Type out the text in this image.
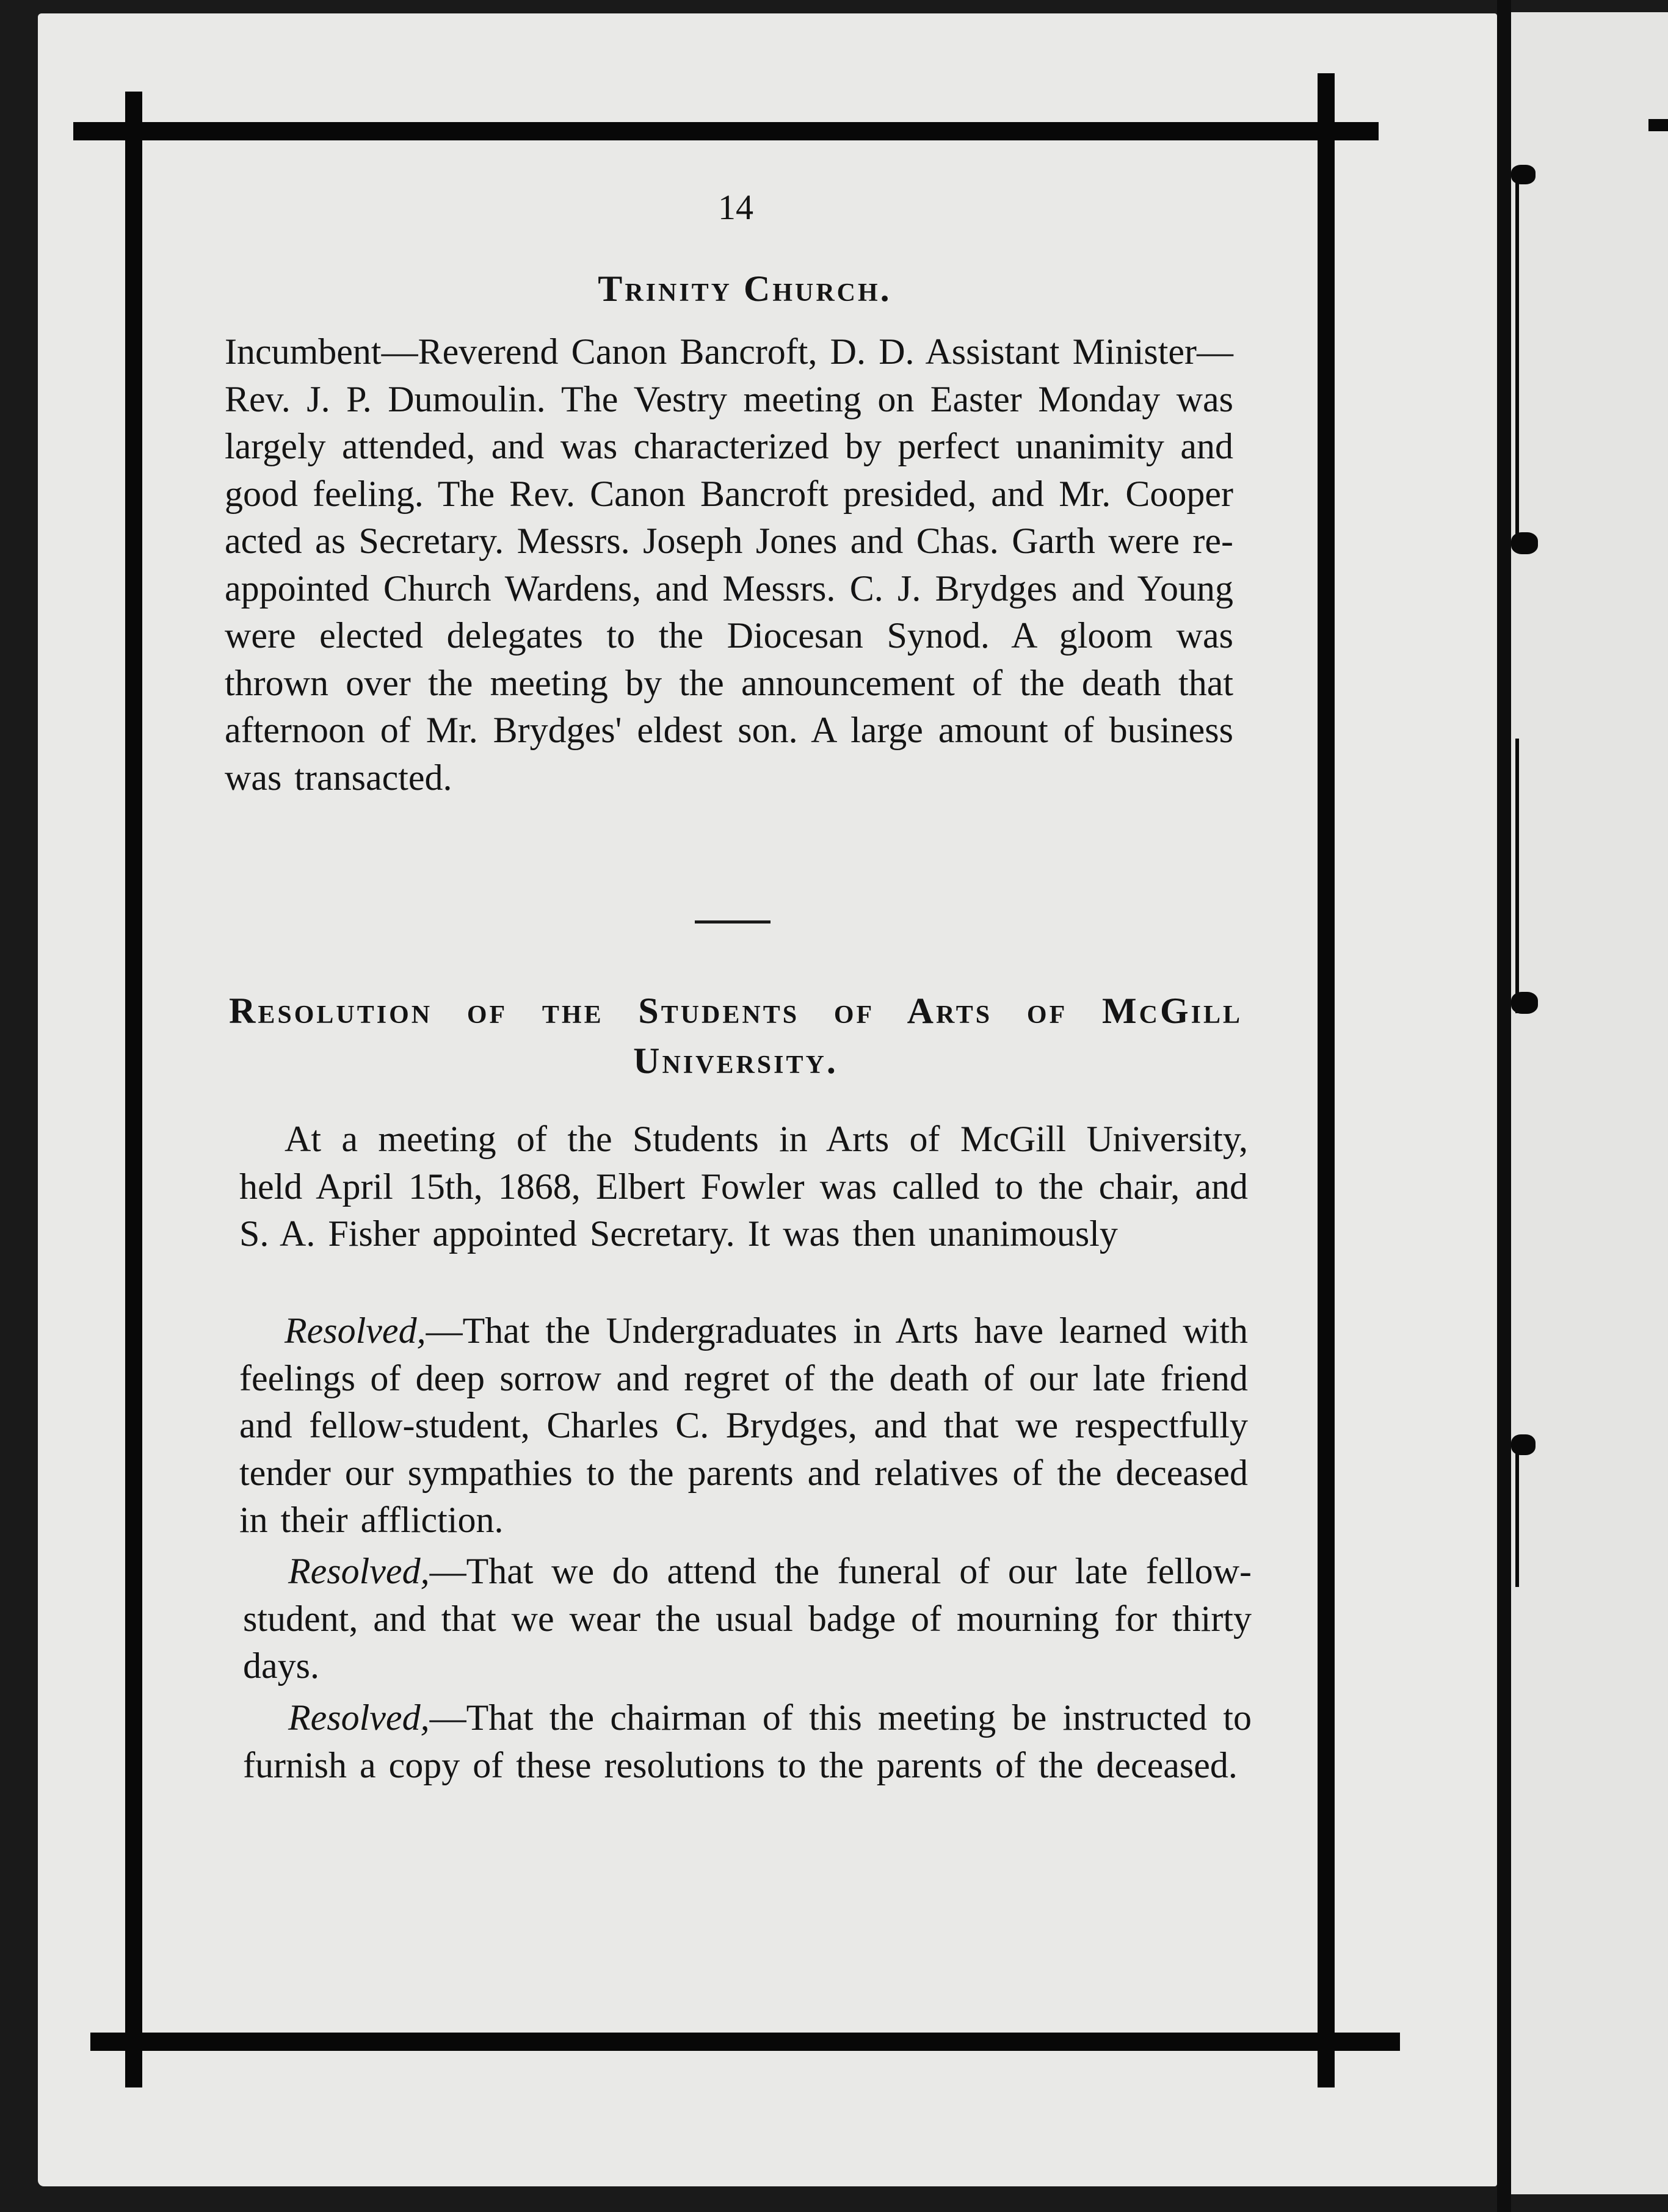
14
Trinity Church.

Incumbent—Reverend Canon Bancroft, D. D. Assistant Minister—Rev. J. P. Dumoulin. The Vestry meeting on Easter Monday was largely attended, and was characterized by perfect unanimity and good feeling. The Rev. Canon Bancroft presided, and Mr. Cooper acted as Secretary. Messrs. Joseph Jones and Chas. Garth were re-appointed Church Wardens, and Messrs. C. J. Brydges and Young were elected delegates to the Diocesan Synod. A gloom was thrown over the meeting by the announcement of the death that afternoon of Mr. Brydges' eldest son. A large amount of business was transacted.

Resolution of the Students of Arts of McGill University.

At a meeting of the Students in Arts of McGill University, held April 15th, 1868, Elbert Fowler was called to the chair, and S. A. Fisher appointed Secretary. It was then unanimously

Resolved,—That the Undergraduates in Arts have learned with feelings of deep sorrow and regret of the death of our late friend and fellow-student, Charles C. Brydges, and that we respectfully tender our sympathies to the parents and relatives of the deceased in their affliction.

Resolved,—That we do attend the funeral of our late fellow-student, and that we wear the usual badge of mourning for thirty days.

Resolved,—That the chairman of this meeting be instructed to furnish a copy of these resolutions to the parents of the deceased.
